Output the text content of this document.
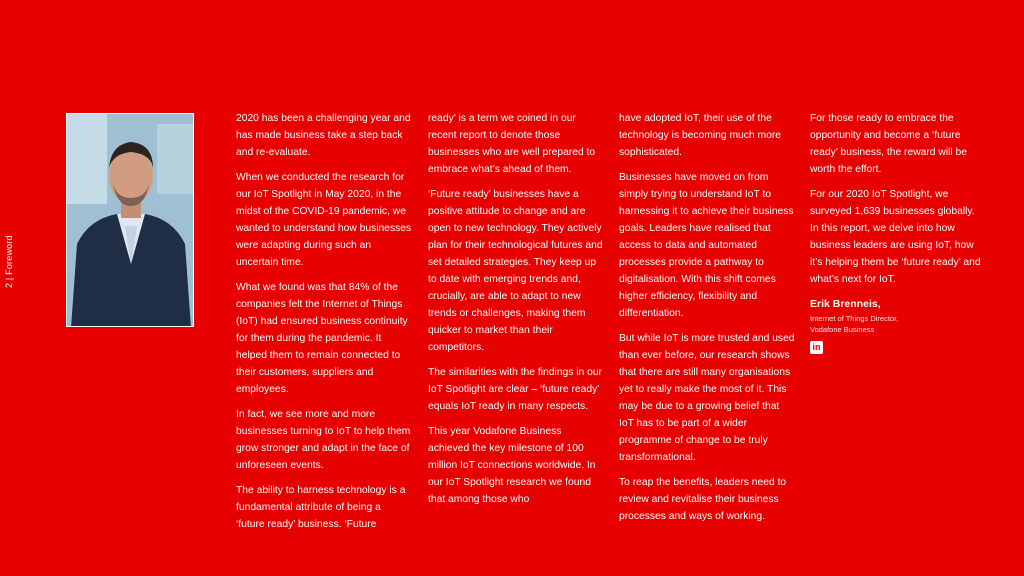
2 | Foreword

2020 has been a challenging year and has made business take a step back and re-evaluate.

When we conducted the research for our IoT Spotlight in May 2020, in the midst of the COVID-19 pandemic, we wanted to understand how businesses were adapting during such an uncertain time.

What we found was that 84% of the companies felt the Internet of Things (IoT) had ensured business continuity for them during the pandemic. It helped them to remain connected to their customers, suppliers and employees.

In fact, we see more and more businesses turning to IoT to help them grow stronger and adapt in the face of unforeseen events.

The ability to harness technology is a fundamental attribute of being a ‘future ready’ business. ‘Future

ready’ is a term we coined in our recent report to denote those businesses who are well prepared to embrace what’s ahead of them.

‘Future ready’ businesses have a positive attitude to change and are open to new technology. They actively plan for their technological futures and set detailed strategies. They keep up to date with emerging trends and, crucially, are able to adapt to new trends or challenges, making them quicker to market than their competitors.

The similarities with the findings in our IoT Spotlight are clear – ‘future ready’ equals IoT ready in many respects.

This year Vodafone Business achieved the key milestone of 100 million IoT connections worldwide. In our IoT Spotlight research we found that among those who

have adopted IoT, their use of the technology is becoming much more sophisticated.

Businesses have moved on from simply trying to understand IoT to harnessing it to achieve their business goals. Leaders have realised that access to data and automated processes provide a pathway to digitalisation. With this shift comes higher efficiency, flexibility and differentiation.

But while IoT is more trusted and used than ever before, our research shows that there are still many organisations yet to really make the most of it. This may be due to a growing belief that IoT has to be part of a wider programme of change to be truly transformational.

To reap the benefits, leaders need to review and revitalise their business processes and ways of working.

For those ready to embrace the opportunity and become a ‘future ready’ business, the reward will be worth the effort.

For our 2020 IoT Spotlight, we surveyed 1,639 businesses globally. In this report, we delve into how business leaders are using IoT, how it’s helping them be ‘future ready’ and what’s next for IoT.

Erik Brenneis,
Internet of Things Director,
Vodafone Business
in
